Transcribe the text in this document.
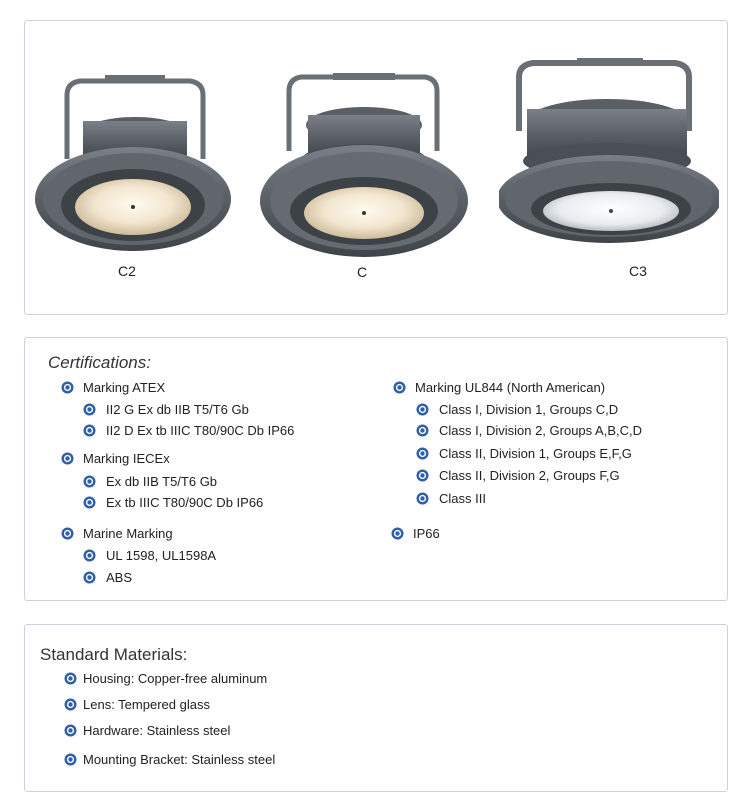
C2	C	C3
Certifications:
Marking ATEX
II2 G Ex db IIB T5/T6 Gb
II2 D Ex tb IIIC T80/90C Db IP66
Marking IECEx
Ex db IIB T5/T6 Gb
Ex tb IIIC T80/90C Db IP66
Marine Marking
UL 1598, UL1598A
ABS
Marking UL844 (North American)
Class I, Division 1, Groups C,D
Class I, Division 2, Groups A,B,C,D
Class II, Division 1, Groups E,F,G
Class II, Division 2, Groups F,G
Class III
IP66
Standard Materials:
Housing: Copper-free aluminum
Lens: Tempered glass
Hardware: Stainless steel
Mounting Bracket: Stainless steel
